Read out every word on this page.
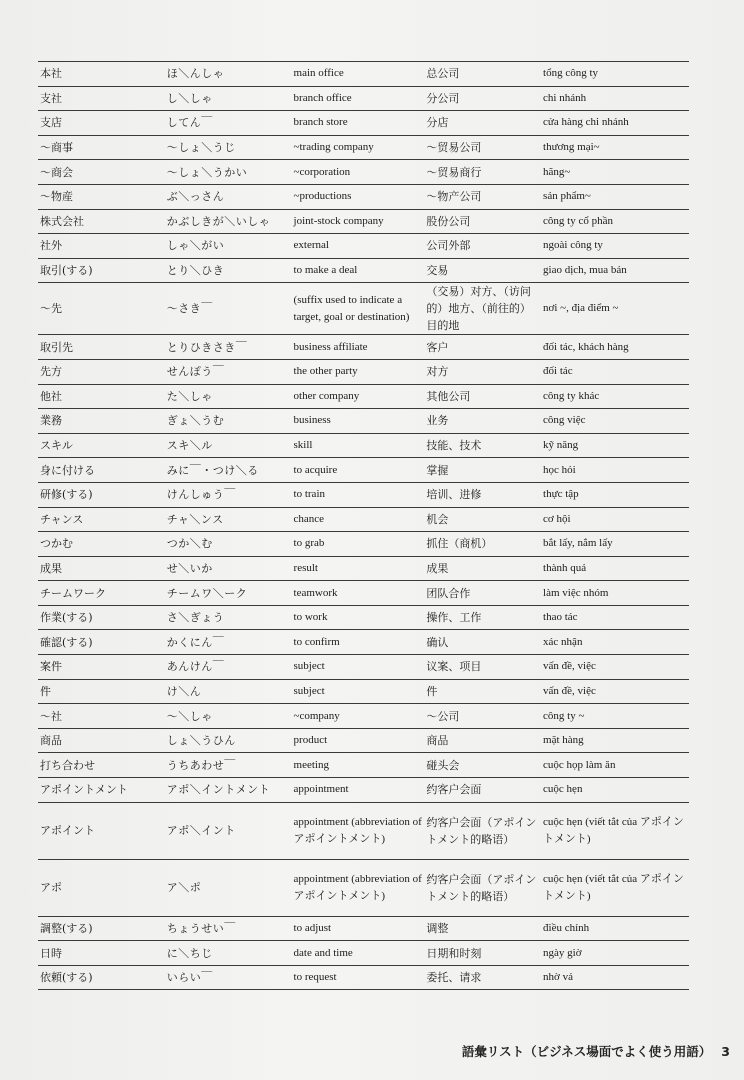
本社	ほ＼んしゃ	main office	总公司	tổng công ty

支社	し＼しゃ	branch office	分公司	chi nhánh

支店	してん￣	branch store	分店	cửa hàng chi nhánh

～商事	～しょ＼うじ	~trading company	～贸易公司	thương mại~

～商会	～しょ＼うかい	~corporation	～贸易商行	hãng~

～物産	ぶ＼っさん	~productions	～物产公司	sản phẩm~

株式会社	かぶしきが＼いしゃ	joint-stock company	股份公司	công ty cổ phần

社外	しゃ＼がい	external	公司外部	ngoài công ty

取引(する)	とり＼ひき	to make a deal	交易	giao dịch, mua bán

～先	～さき￣	(suffix used to indicate a target, goal or destination)	（交易）对方、（访问的）地方、（前往的）目的地	nơi ~, địa điểm ~

取引先	とりひきさき￣	business affiliate	客户	đối tác, khách hàng

先方	せんぽう￣	the other party	对方	đối tác

他社	た＼しゃ	other company	其他公司	công ty khác

業務	ぎょ＼うむ	business	业务	công việc

スキル	スキ＼ル	skill	技能、技术	kỹ năng

身に付ける	みに￣・つけ＼る	to acquire	掌握	học hỏi

研修(する)	けんしゅう￣	to train	培训、进修	thực tập

チャンス	チャ＼ンス	chance	机会	cơ hội

つかむ	つか＼む	to grab	抓住（商机）	bắt lấy, nắm lấy

成果	せ＼いか	result	成果	thành quả

チームワーク	チームワ＼ーク	teamwork	团队合作	làm việc nhóm

作業(する)	さ＼ぎょう	to work	操作、工作	thao tác

確認(する)	かくにん￣	to confirm	确认	xác nhận

案件	あんけん￣	subject	议案、项目	vấn đề, việc

件	け＼ん	subject	件	vấn đề, việc

～社	～＼しゃ	~company	～公司	công ty ~

商品	しょ＼うひん	product	商品	mặt hàng

打ち合わせ	うちあわせ￣	meeting	碰头会	cuộc họp làm ăn

アポイントメント	アポ＼イントメント	appointment	约客户会面	cuộc hẹn

アポイント	アポ＼イント	appointment (abbreviation of アポイントメント)	约客户会面（アポイントメント的略语）	cuộc hẹn (viết tắt của アポイントメント)

アポ	ア＼ポ	appointment (abbreviation of アポイントメント)	约客户会面（アポイントメント的略语）	cuộc hẹn (viết tắt của アポイントメント)

調整(する)	ちょうせい￣	to adjust	调整	điều chỉnh

日時	に＼ちじ	date and time	日期和时刻	ngày giờ

依頼(する)	いらい￣	to request	委托、请求	nhờ vả
語彙リスト（ビジネス場面でよく使う用語） 3
